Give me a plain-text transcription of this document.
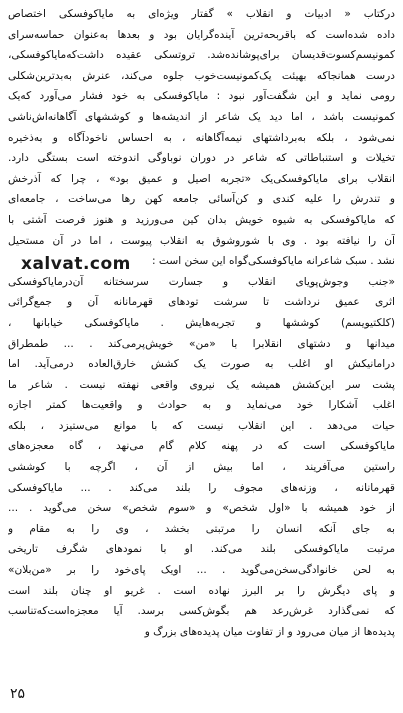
درکتاب « ادبیات و انقلاب » گفتار ویژه‌ای به مایاکوفسکی اختصاص
داده شده‌است که باقربحه‌ترین آینده‌گرایان بود و بعدها به‌عنوان حماسه‌سرای
کمونیسم‌کسوت‌قدیسان برا‌ی‌پوشانده‌شد. تروتسکی عقیده داشت‌که‌مایاکوفسکی،
درست همانجاکه بهیئت یک‌کمونیست‌خوب جلوه می‌کند، عنرش به‌بدترین‌شکلی
رومی نماید و این شگفت‌آور نبود : مایاکوفسکی به خود فشار می‌آورد که‌یک
کمونیست باشد ، اما دید یک شاعر از اندیشه‌ها و کوششهای آگاهانه‌اش‌ناشی
نمی‌شود ، بلکه به‌برداشتهای نیمه‌آگاهانه ، به احساس ناخودآگاه و به‌ذخیره
تخیلات و استنباطاتی که شاعر در دوران نوباوگی اندوخته است بستگی دارد.
انقلاب برای مایاکوفسکی‌یک «تجربه اصیل و عمیق بود» ، چرا که آذرخش
و تندرش را علیه کندی و کن‌آسائی جامعه کهن رها می‌ساخت ، جامعه‌ای
که مایاکوفسکی به شیوه خویش بدان کین می‌ورزید و هنوز فرصت آشتی با
آن را نیافته بود . وی با شوروشوق به انقلاب پیوست ، اما در آن مستحیل
نشد . سبک شاعرانه مایاکوفسکی‌گواه این سخن است :
«جنب وجوش‌پویای انقلاب و جسارت سرسختانه آن‌درمایاکوفسکی
اثری عمیق نرداشت تا سرشت تودهای قهرمانانه آن و جمع‌گرائی
(کلکتیویسم) کوششها و تجربه‌هایش . مایاکوفسکی خیابانها ،
میدانها و دشتهای انقلابرا با «من» خویش‌پرمی‌کند . ... طمطراق
درامانیکش او اغلب به صورت یک کشش خارق‌العاده درمی‌آید. اما
پشت سر این‌کشش همیشه یک نیروی واقعی نهفته نیست . شاعر ما
اغلب آشکارا خود می‌نماید و به حوادث و واقعیت‌ها کمتر اجازه
حیات می‌دهد . این انقلاب نیست که با موانع می‌ستیزد ، بلکه
مایاکوفسکی است که در پهنه کلام گام می‌نهد ، گاه معجزه‌های
راستین می‌آفریند ، اما بیش از آن ، اگرچه با کوششی
قهرمانانه ، وزنه‌های مجوف را بلند می‌کند . ... مایاکوفسکی
از خود همیشه با «اول شخص» و «سوم شخص» سخن می‌گوید . ...
به جای آنکه انسان را مرتبتی بخشد ، وی را به مقام و
مرتبت مایاکوفسکی بلند می‌کند. او با نمودهای شگرف تاریخی
به لحن خانوادگی‌سخن‌می‌گوید . ... اویک پای‌خود را بر «من‌بلان»
و پای دیگرش را بر البرز نهاده است . غریو او چنان بلند است
که نمی‌گذارد غرش‌رعد هم بگوش‌کسی برسد. آیا معجزه‌است‌که‌تناسب
پدیده‌ها از میان می‌رود و از تفاوت میان پدیده‌های بزرگ و
xalvat.com
۲۵
